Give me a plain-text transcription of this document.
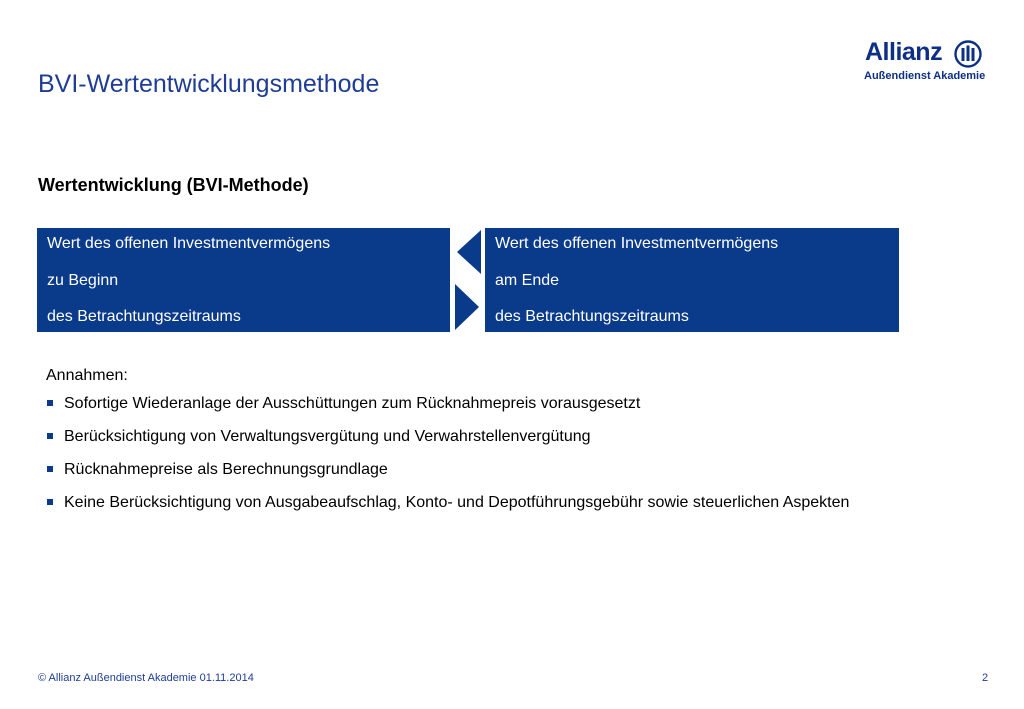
BVI-Wertentwicklungsmethode
Allianz
Außendienst Akademie
Wertentwicklung (BVI-Methode)
Wert des offenen Investmentvermögens
zu Beginn
des Betrachtungszeitraums
Wert des offenen Investmentvermögens
am Ende
des Betrachtungszeitraums

Annahmen:

Sofortige Wiederanlage der Ausschüttungen zum Rücknahmepreis vorausgesetzt
Berücksichtigung von Verwaltungsvergütung und Verwahrstellenvergütung
Rücknahmepreise als Berechnungsgrundlage
Keine Berücksichtigung von Ausgabeaufschlag, Konto- und Depotführungsgebühr sowie steuerlichen Aspekten
© Allianz Außendienst Akademie 01.11.2014	2
